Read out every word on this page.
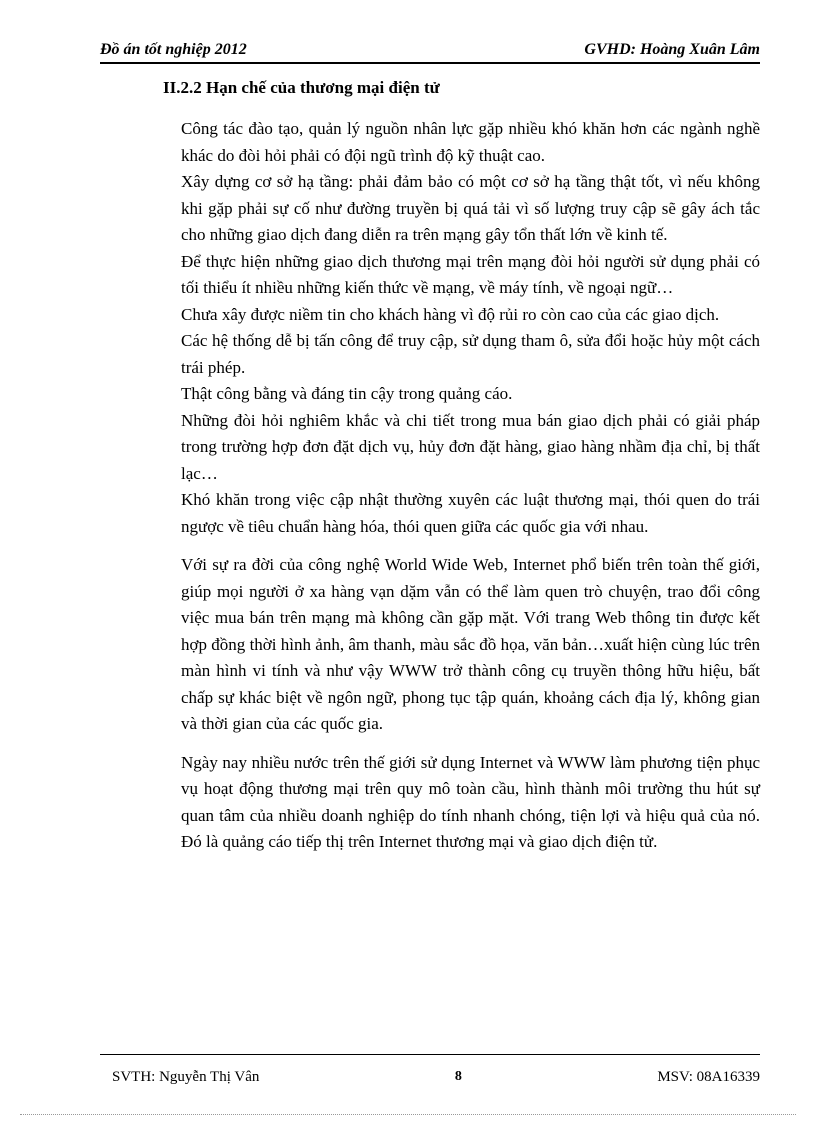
Đồ án tốt nghiệp 2012	GVHD: Hoàng Xuân Lâm
II.2.2 Hạn chế của thương mại điện tử
Công tác đào tạo, quản lý nguồn nhân lực gặp nhiều khó khăn hơn các ngành nghề khác do đòi hỏi phải có đội ngũ trình độ kỹ thuật cao.
Xây dựng cơ sở hạ tầng: phải đảm bảo có một cơ sở hạ tầng thật tốt, vì nếu không khi gặp phải sự cố như đường truyền bị quá tải vì số lượng truy cập sẽ gây ách tắc cho những giao dịch đang diễn ra trên mạng gây tổn thất lớn về kinh tế.
Để thực hiện những giao dịch thương mại trên mạng đòi hỏi người sử dụng phải có tối thiểu ít nhiều những kiến thức về mạng, về máy tính, về ngoại ngữ…
Chưa xây được niềm tin cho khách hàng vì độ rủi ro còn cao của các giao dịch.
Các hệ thống dễ bị tấn công để truy cập, sử dụng tham ô, sửa đổi hoặc hủy một cách trái phép.
Thật công bằng và đáng tin cậy trong quảng cáo.
Những đòi hỏi nghiêm khắc và chi tiết trong mua bán giao dịch phải có giải pháp trong trường hợp đơn đặt dịch vụ, hủy đơn đặt hàng, giao hàng nhầm địa chỉ, bị thất lạc…
Khó khăn trong việc cập nhật thường xuyên các luật thương mại, thói quen do trái ngược về tiêu chuẩn hàng hóa, thói quen giữa các quốc gia với nhau.

Với sự ra đời của công nghệ World Wide Web, Internet phổ biến trên toàn thế giới, giúp mọi người ở xa hàng vạn dặm vẫn có thể làm quen trò chuyện, trao đổi công việc mua bán trên mạng mà không cần gặp mặt. Với trang Web thông tin được kết hợp đồng thời hình ảnh, âm thanh, màu sắc đồ họa, văn bản…xuất hiện cùng lúc trên màn hình vi tính và như vậy WWW trở thành công cụ truyền thông hữu hiệu, bất chấp sự khác biệt về ngôn ngữ, phong tục tập quán, khoảng cách địa lý, không gian và thời gian của các quốc gia.

Ngày nay nhiều nước trên thế giới sử dụng Internet và WWW làm phương tiện phục vụ hoạt động thương mại trên quy mô toàn cầu, hình thành môi trường thu hút sự quan tâm của nhiều doanh nghiệp do tính nhanh chóng, tiện lợi và hiệu quả của nó. Đó là quảng cáo tiếp thị trên Internet thương mại và giao dịch điện tử.

SVTH: Nguyễn Thị Vân	8	MSV: 08A16339
